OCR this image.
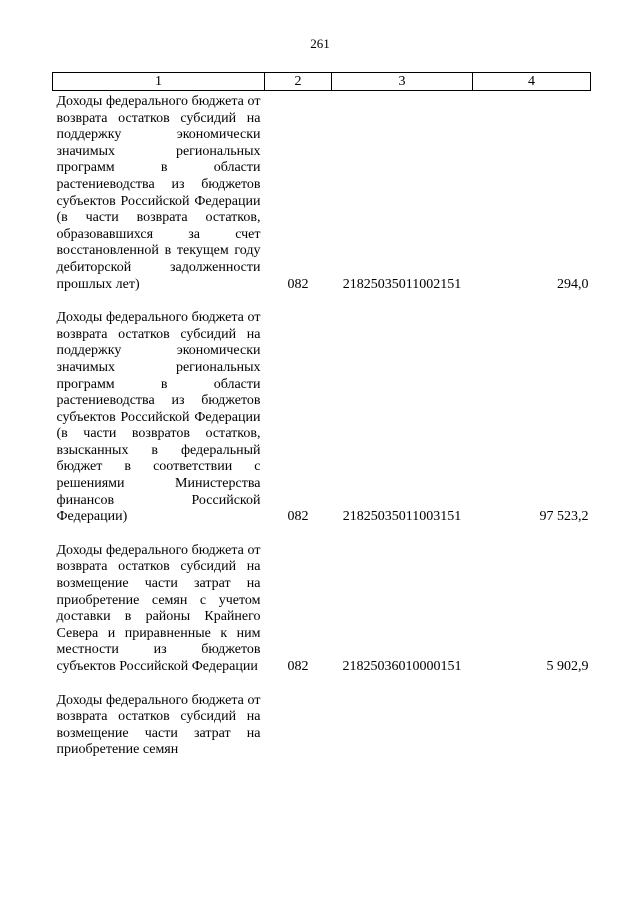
261
1	2	3	4
Доходы федерального бюджета от возврата остатков субсидий на поддержку экономически значимых региональных программ в области растениеводства из бюджетов субъектов Российской Федерации (в части возврата остатков, образовавшихся за счет восстановленной в текущем году дебиторской задолженности прошлых лет)	082	21825035011002151	294,0
Доходы федерального бюджета от возврата остатков субсидий на поддержку экономически значимых региональных программ в области растениеводства из бюджетов субъектов Российской Федерации (в части возвратов остатков, взысканных в федеральный бюджет в соответствии с решениями Министерства финансов Российской Федерации)	082	21825035011003151	97 523,2
Доходы федерального бюджета от возврата остатков субсидий на возмещение части затрат на приобретение семян с учетом доставки в районы Крайнего Севера и приравненные к ним местности из бюджетов субъектов Российской Федерации	082	21825036010000151	5 902,9
Доходы федерального бюджета от возврата остатков субсидий на возмещение части затрат на приобретение семян			
